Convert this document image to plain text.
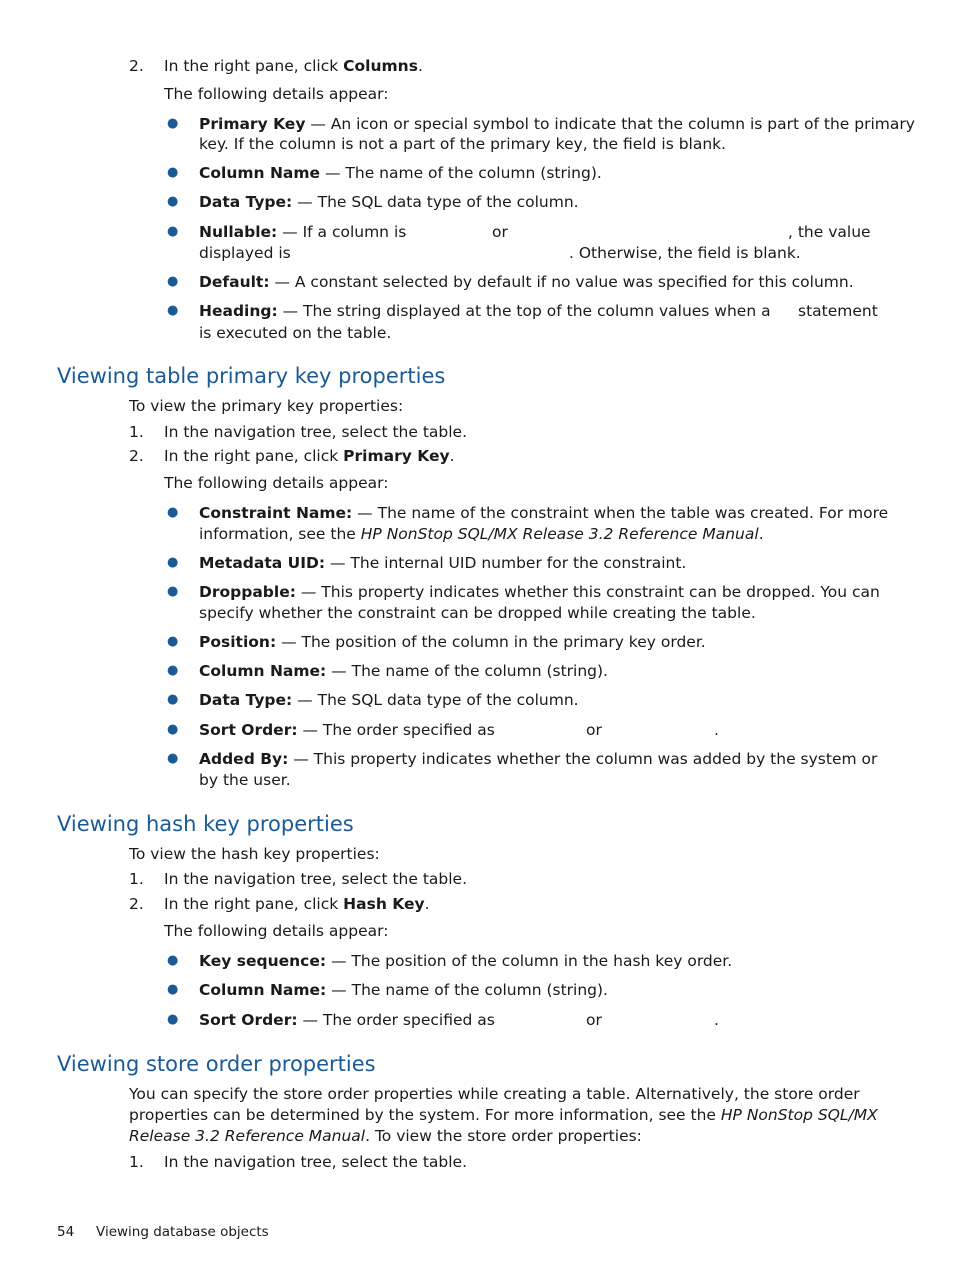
2. In the right pane, click Columns.
The following details appear:
● Primary Key — An icon or special symbol to indicate that the column is part of the primary
key. If the column is not a part of the primary key, the field is blank.
● Column Name — The name of the column (string).
● Data Type: — The SQL data type of the column.
● Nullable: — If a column is	or	, the value
displayed is	. Otherwise, the field is blank.
● Default: — A constant selected by default if no value was specified for this column.
● Heading: — The string displayed at the top of the column values when a statement
is executed on the table.
Viewing table primary key properties
To view the primary key properties:
1. In the navigation tree, select the table.
2. In the right pane, click Primary Key.
The following details appear:
● Constraint Name: — The name of the constraint when the table was created. For more
information, see the HP NonStop SQL/MX Release 3.2 Reference Manual.
● Metadata UID: — The internal UID number for the constraint.
● Droppable: — This property indicates whether this constraint can be dropped. You can
specify whether the constraint can be dropped while creating the table.
● Position: — The position of the column in the primary key order.
● Column Name: — The name of the column (string).
● Data Type: — The SQL data type of the column.
● Sort Order: — The order specified as	or	.
● Added By: — This property indicates whether the column was added by the system or
by the user.
Viewing hash key properties
To view the hash key properties:
1. In the navigation tree, select the table.
2. In the right pane, click Hash Key.
The following details appear:
● Key sequence: — The position of the column in the hash key order.
● Column Name: — The name of the column (string).
● Sort Order: — The order specified as	or	.
Viewing store order properties
You can specify the store order properties while creating a table. Alternatively, the store order
properties can be determined by the system. For more information, see the HP NonStop SQL/MX
Release 3.2 Reference Manual. To view the store order properties:
1. In the navigation tree, select the table.
54 Viewing database objects
